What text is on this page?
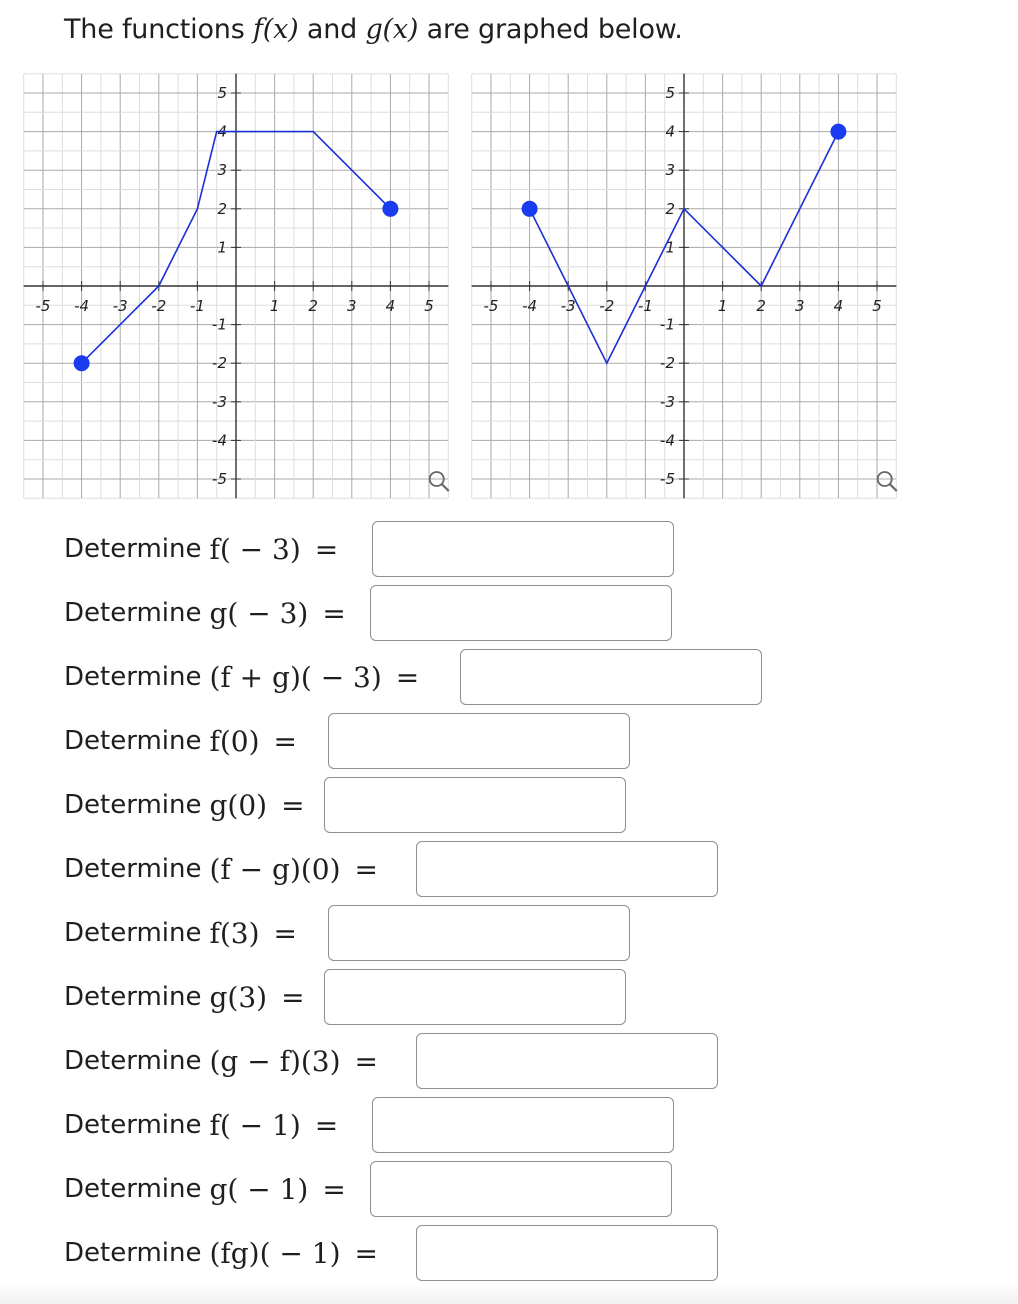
The functions f(x) and g(x) are graphed below.
-5 -4 -3 -2 -1	1 2 3 4 5
5
4
3
2
1
-1
-2
-3
-4
-5
-5 -4 -3 -2 -1	1 2 3 4 5
5
4
3
2
1
-1
-2
-3
-4
-5
Determine f( − 3) =
Determine g( − 3) =
Determine (f + g)( − 3) =
Determine f(0) =
Determine g(0) =
Determine (f − g)(0) =
Determine f(3) =
Determine g(3) =
Determine (g − f)(3) =
Determine f( − 1) =
Determine g( − 1) =
Determine (fg)( − 1) =
